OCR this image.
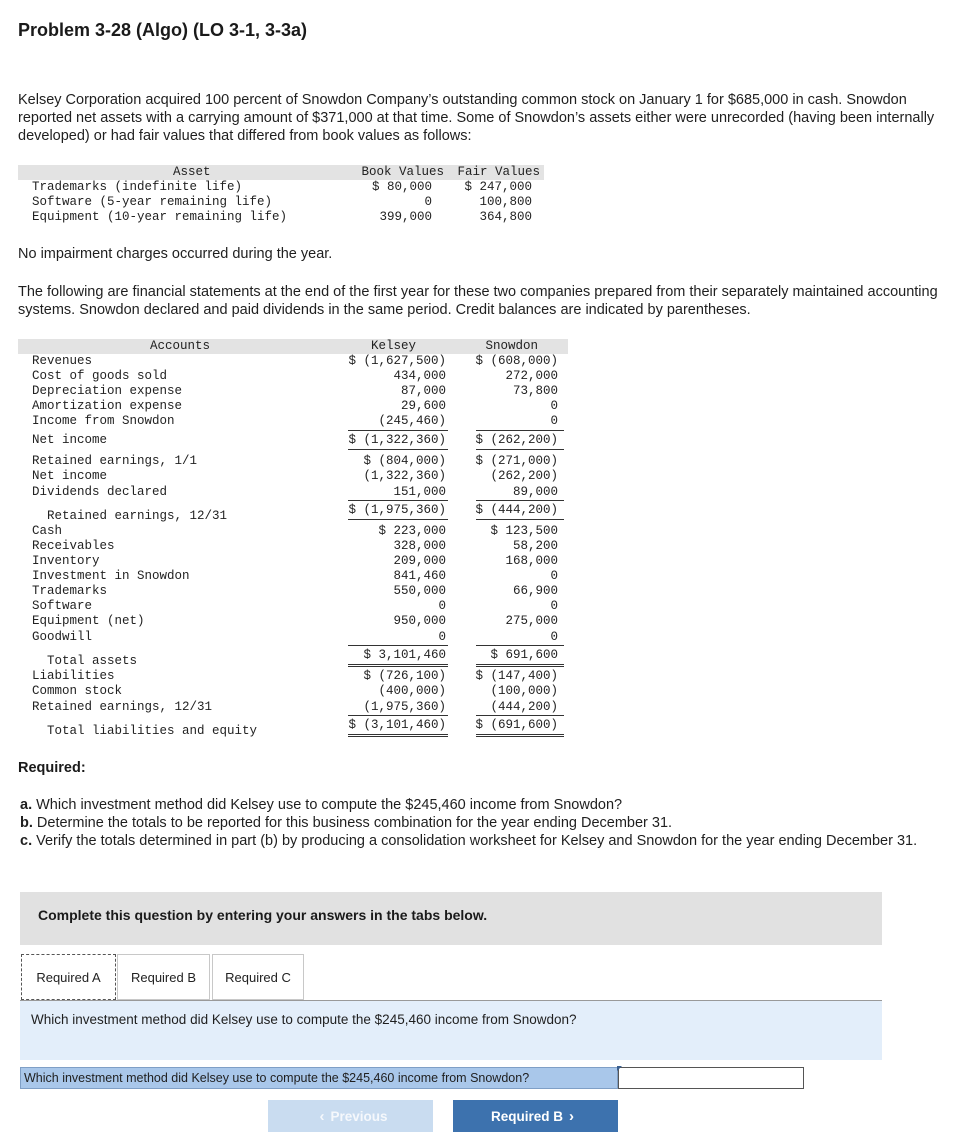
Problem 3-28 (Algo) (LO 3-1, 3-3a)
Kelsey Corporation acquired 100 percent of Snowdon Company’s outstanding common stock on January 1 for $685,000 in cash. Snowdon reported net assets with a carrying amount of $371,000 at that time. Some of Snowdon’s assets either were unrecorded (having been internally developed) or had fair values that differed from book values as follows:
Asset	Book Values Fair Values
Trademarks (indefinite life)	$ 80,000	$ 247,000
Software (5-year remaining life)	0	100,800
Equipment (10-year remaining life)	399,000	364,800
No impairment charges occurred during the year.
The following are financial statements at the end of the first year for these two companies prepared from their separately maintained accounting systems. Snowdon declared and paid dividends in the same period. Credit balances are indicated by parentheses.
Accounts	Kelsey	Snowdon
Revenues	$ (1,627,500) $ (608,000)
Cost of goods sold	434,000	272,000
Depreciation expense	87,000	73,800
Amortization expense	29,600	0
Income from Snowdon	(245,460)	0
Net income	$ (1,322,360) $ (262,200)
Retained earnings, 1/1	$ (804,000) $ (271,000)
Net income	(1,322,360)	(262,200)
Dividends declared	151,000	89,000
Retained earnings, 12/31	$ (1,975,360) $ (444,200)
Cash	$ 223,000	$ 123,500
Receivables	328,000	58,200
Inventory	209,000	168,000
Investment in Snowdon	841,460	0
Trademarks	550,000	66,900
Software	0	0
Equipment (net)	950,000	275,000
Goodwill	0	0
Total assets	$ 3,101,460	$ 691,600
Liabilities	$ (726,100) $ (147,400)
Common stock	(400,000)	(100,000)
Retained earnings, 12/31	(1,975,360)	(444,200)
Total liabilities and equity	$ (3,101,460) $ (691,600)
Required:
a. Which investment method did Kelsey use to compute the $245,460 income from Snowdon?
b. Determine the totals to be reported for this business combination for the year ending December 31.
c. Verify the totals determined in part (b) by producing a consolidation worksheet for Kelsey and Snowdon for the year ending December 31.
Complete this question by entering your answers in the tabs below.
Required A	Required B	Required C
Which investment method did Kelsey use to compute the $245,460 income from Snowdon?
Which investment method did Kelsey use to compute the $245,460 income from Snowdon?
‹ Previous	Required B ›
